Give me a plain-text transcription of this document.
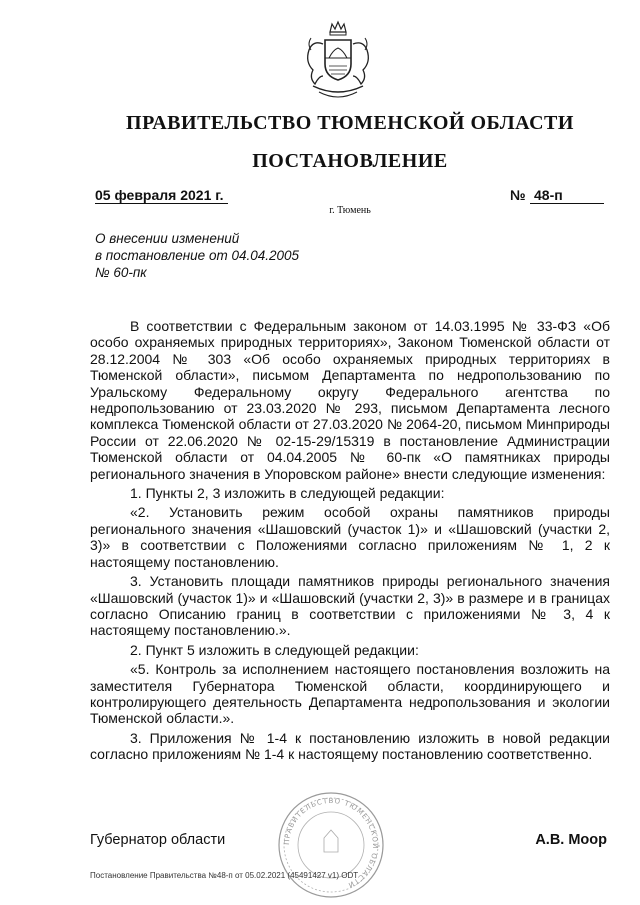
ПРАВИТЕЛЬСТВО ТЮМЕНСКОЙ ОБЛАСТИ
ПОСТАНОВЛЕНИЕ
05 февраля 2021 г.	№ 48-п
г. Тюмень
О внесении изменений
в постановление от 04.04.2005
№ 60-пк

В соответствии с Федеральным законом от 14.03.1995 № 33-ФЗ «Об особо охраняемых природных территориях», Законом Тюменской области от 28.12.2004 № 303 «Об особо охраняемых природных территориях в Тюменской области», письмом Департамента по недропользованию по Уральскому Федеральному округу Федерального агентства по недропользованию от 23.03.2020 № 293, письмом Департамента лесного комплекса Тюменской области от 27.03.2020 № 2064-20, письмом Минприроды России от 22.06.2020 № 02-15-29/15319 в постановление Администрации Тюменской области от 04.04.2005 № 60-пк «О памятниках природы регионального значения в Упоровском районе» внести следующие изменения:

1. Пункты 2, 3 изложить в следующей редакции:

«2. Установить режим особой охраны памятников природы регионального значения «Шашовский (участок 1)» и «Шашовский (участки 2, 3)» в соответствии с Положениями согласно приложениям № 1, 2 к настоящему постановлению.

3. Установить площади памятников природы регионального значения «Шашовский (участок 1)» и «Шашовский (участки 2, 3)» в размере и в границах согласно Описанию границ в соответствии с приложениями № 3, 4 к настоящему постановлению.».

2. Пункт 5 изложить в следующей редакции:

«5. Контроль за исполнением настоящего постановления возложить на заместителя Губернатора Тюменской области, координирующего и контролирующего деятельность Департамента недропользования и экологии Тюменской области.».

3. Приложения № 1-4 к постановлению изложить в новой редакции согласно приложениям № 1-4 к настоящему постановлению соответственно.

ПРАВИТЕЛЬСТВО ТЮМЕНСКОЙ ОБЛАСТИ
Губернатор области	А.В. Моор
Постановление Правительства №48-п от 05.02.2021 (45491427 v1) ODT
